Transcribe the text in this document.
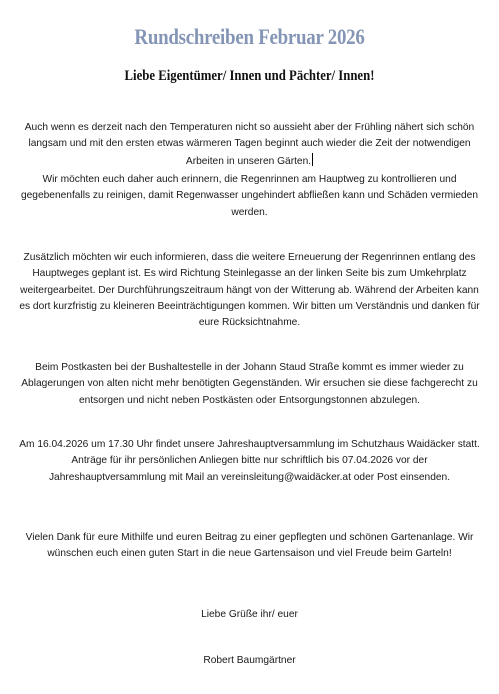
Rundschreiben Februar 2026
Liebe Eigentümer/ Innen und Pächter/ Innen!
Auch wenn es derzeit nach den Temperaturen nicht so aussieht aber der Frühling nähert sich schön langsam und mit den ersten etwas wärmeren Tagen beginnt auch wieder die Zeit der notwendigen Arbeiten in unseren Gärten.
Wir möchten euch daher auch erinnern, die Regenrinnen am Hauptweg zu kontrollieren und gegebenenfalls zu reinigen, damit Regenwasser ungehindert abfließen kann und Schäden vermieden werden.
Zusätzlich möchten wir euch informieren, dass die weitere Erneuerung der Regenrinnen entlang des Hauptweges geplant ist. Es wird Richtung Steinlegasse an der linken Seite bis zum Umkehrplatz weitergearbeitet. Der Durchführungszeitraum hängt von der Witterung ab. Während der Arbeiten kann es dort kurzfristig zu kleineren Beeinträchtigungen kommen. Wir bitten um Verständnis und danken für eure Rücksichtnahme.
Beim Postkasten bei der Bushaltestelle in der Johann Staud Straße kommt es immer wieder zu Ablagerungen von alten nicht mehr benötigten Gegenständen. Wir ersuchen sie diese fachgerecht zu entsorgen und nicht neben Postkästen oder Entsorgungstonnen abzulegen.
Am 16.04.2026 um 17.30 Uhr findet unsere Jahreshauptversammlung im Schutzhaus Waidäcker statt. Anträge für ihr persönlichen Anliegen bitte nur schriftlich bis 07.04.2026 vor der Jahreshauptversammlung mit Mail an vereinsleitung@waidäcker.at oder Post einsenden.
Vielen Dank für eure Mithilfe und euren Beitrag zu einer gepflegten und schönen Gartenanlage. Wir wünschen euch einen guten Start in die neue Gartensaison und viel Freude beim Garteln!
Liebe Grüße ihr/ euer
Robert Baumgärtner
